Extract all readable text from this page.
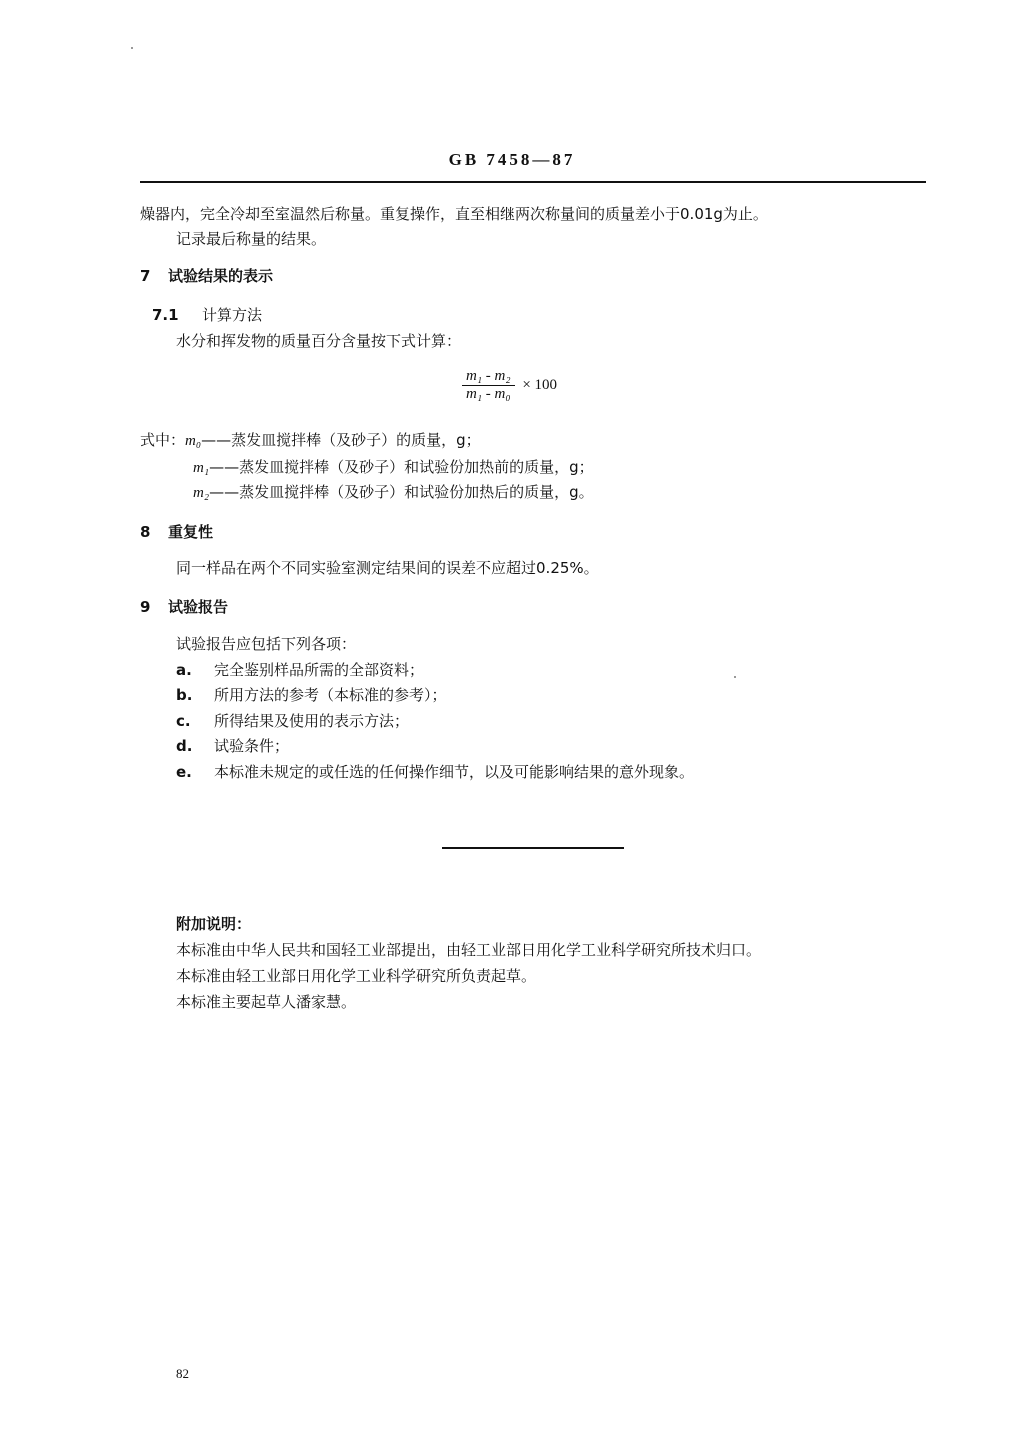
GB 7458—87
燥器内，完全冷却至室温然后称量。重复操作，直至相继两次称量间的质量差小于0.01g为止。
记录最后称量的结果。
7 试验结果的表示
7.1 计算方法
水分和挥发物的质量百分含量按下式计算：
$\frac{\text{m₁ - m₂}}{\text{m₁ - m₀}} \times 100$
式中：m₀——蒸发皿搅拌棒（及砂子）的质量，g；
m₁——蒸发皿搅拌棒（及砂子）和试验份加热前的质量，g；
m₂——蒸发皿搅拌棒（及砂子）和试验份加热后的质量，g。
8 重复性
同一样品在两个不同实验室测定结果间的误差不应超过0.25%。
9 试验报告
试验报告应包括下列各项：
a. 完全鉴别样品所需的全部资料；
b. 所用方法的参考（本标准的参考）；
c. 所得结果及使用的表示方法；
d. 试验条件；
e. 本标准未规定的或任选的任何操作细节，以及可能影响结果的意外现象。
附加说明：
本标准由中华人民共和国轻工业部提出，由轻工业部日用化学工业科学研究所技术归口。
本标准由轻工业部日用化学工业科学研究所负责起草。
本标准主要起草人潘家慧。
82
